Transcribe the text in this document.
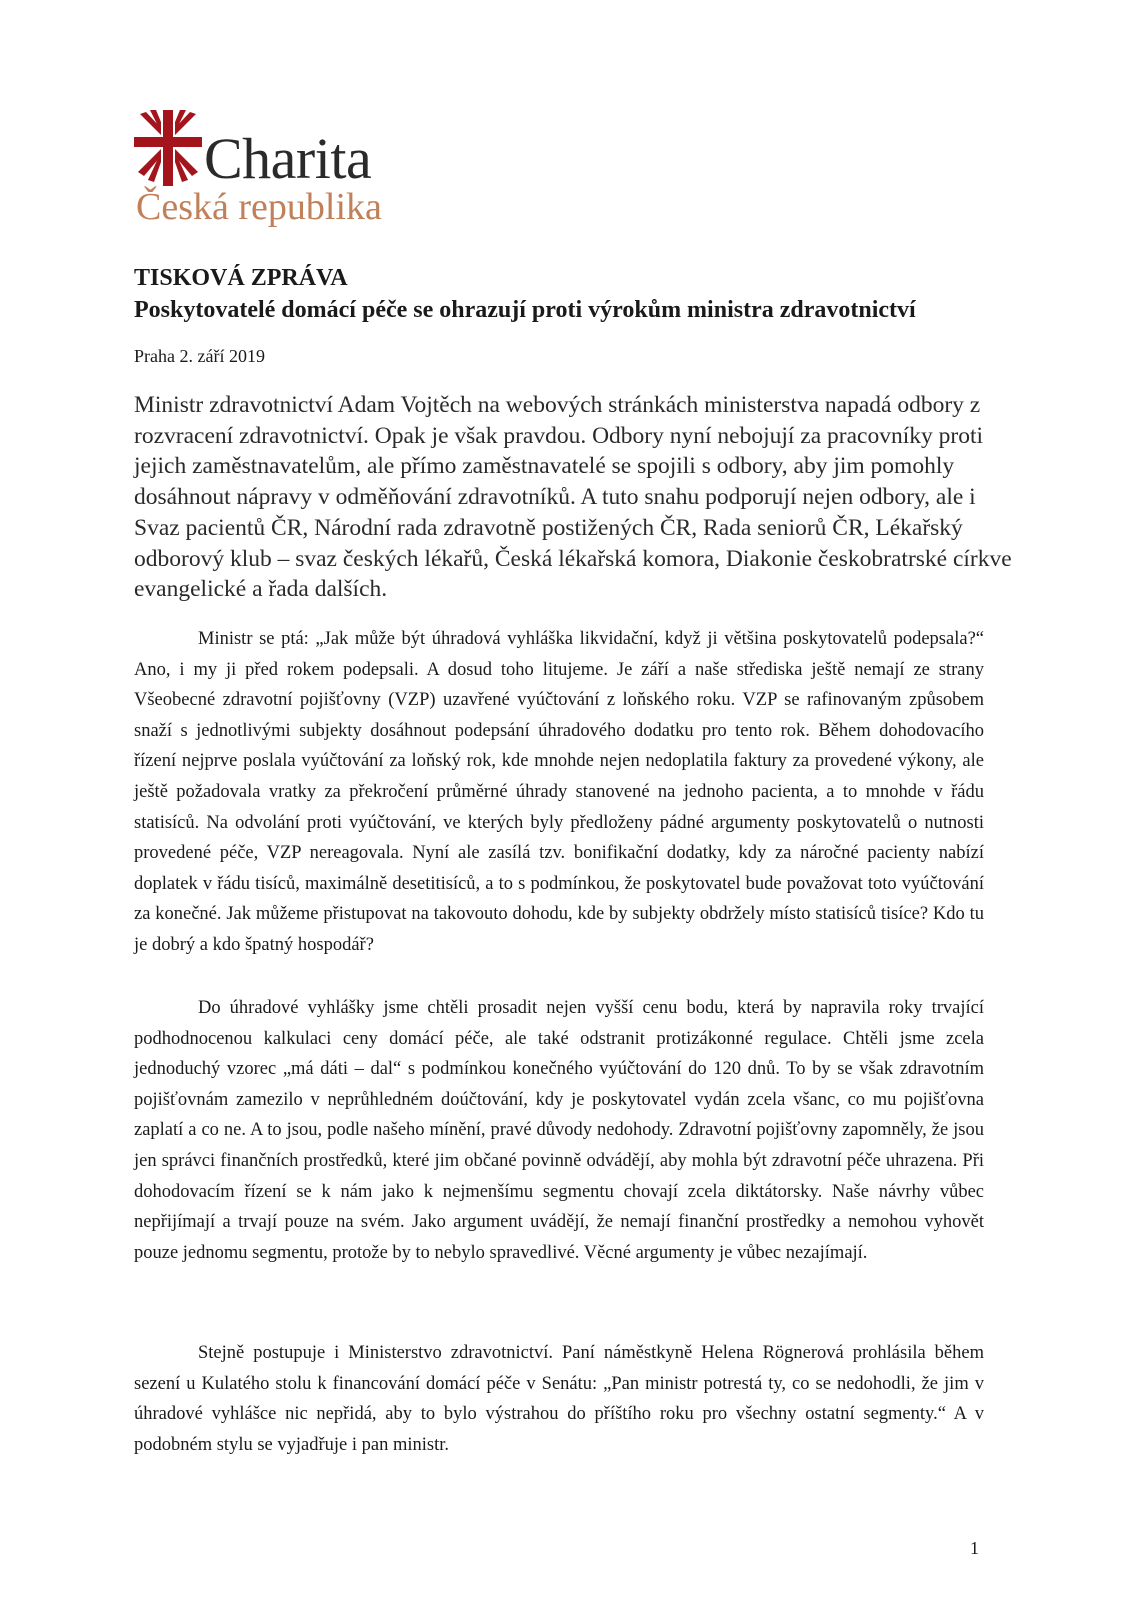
Charita
Česká republika

TISKOVÁ ZPRÁVA

Poskytovatelé domácí péče se ohrazují proti výrokům ministra zdravotnictví

Praha 2. září 2019

Ministr zdravotnictví Adam Vojtěch na webových stránkách ministerstva napadá odbory z rozvracení zdravotnictví. Opak je však pravdou. Odbory nyní nebojují za pracovníky proti jejich zaměstnavatelům, ale přímo zaměstnavatelé se spojili s odbory, aby jim pomohly dosáhnout nápravy v odměňování zdravotníků. A tuto snahu podporují nejen odbory, ale i Svaz pacientů ČR, Národní rada zdravotně postižených ČR, Rada seniorů ČR, Lékařský odborový klub – svaz českých lékařů, Česká lékařská komora, Diakonie českobratrské církve evangelické a řada dalších.

Ministr se ptá: „Jak může být úhradová vyhláška likvidační, když ji většina poskytovatelů podepsala?“ Ano, i my ji před rokem podepsali. A dosud toho litujeme. Je září a naše střediska ještě nemají ze strany Všeobecné zdravotní pojišťovny (VZP) uzavřené vyúčtování z loňského roku. VZP se rafinovaným způsobem snaží s jednotlivými subjekty dosáhnout podepsání úhradového dodatku pro tento rok. Během dohodovacího řízení nejprve poslala vyúčtování za loňský rok, kde mnohde nejen nedoplatila faktury za provedené výkony, ale ještě požadovala vratky za překročení průměrné úhrady stanovené na jednoho pacienta, a to mnohde v řádu statisíců. Na odvolání proti vyúčtování, ve kterých byly předloženy pádné argumenty poskytovatelů o nutnosti provedené péče, VZP nereagovala. Nyní ale zasílá tzv. bonifikační dodatky, kdy za náročné pacienty nabízí doplatek v řádu tisíců, maximálně desetitisíců, a to s podmínkou, že poskytovatel bude považovat toto vyúčtování za konečné. Jak můžeme přistupovat na takovouto dohodu, kde by subjekty obdržely místo statisíců tisíce? Kdo tu je dobrý a kdo špatný hospodář?

Do úhradové vyhlášky jsme chtěli prosadit nejen vyšší cenu bodu, která by napravila roky trvající podhodnocenou kalkulaci ceny domácí péče, ale také odstranit protizákonné regulace. Chtěli jsme zcela jednoduchý vzorec „má dáti – dal“ s podmínkou konečného vyúčtování do 120 dnů. To by se však zdravotním pojišťovnám zamezilo v neprůhledném doúčtování, kdy je poskytovatel vydán zcela všanc, co mu pojišťovna zaplatí a co ne. A to jsou, podle našeho mínění, pravé důvody nedohody. Zdravotní pojišťovny zapomněly, že jsou jen správci finančních prostředků, které jim občané povinně odvádějí, aby mohla být zdravotní péče uhrazena. Při dohodovacím řízení se k nám jako k nejmenšímu segmentu chovají zcela diktátorsky. Naše návrhy vůbec nepřijímají a trvají pouze na svém. Jako argument uvádějí, že nemají finanční prostředky a nemohou vyhovět pouze jednomu segmentu, protože by to nebylo spravedlivé. Věcné argumenty je vůbec nezajímají.

Stejně postupuje i Ministerstvo zdravotnictví. Paní náměstkyně Helena Rögnerová prohlásila během sezení u Kulatého stolu k financování domácí péče v Senátu: „Pan ministr potrestá ty, co se nedohodli, že jim v úhradové vyhlášce nic nepřidá, aby to bylo výstrahou do příštího roku pro všechny ostatní segmenty.“ A v podobném stylu se vyjadřuje i pan ministr.

1
